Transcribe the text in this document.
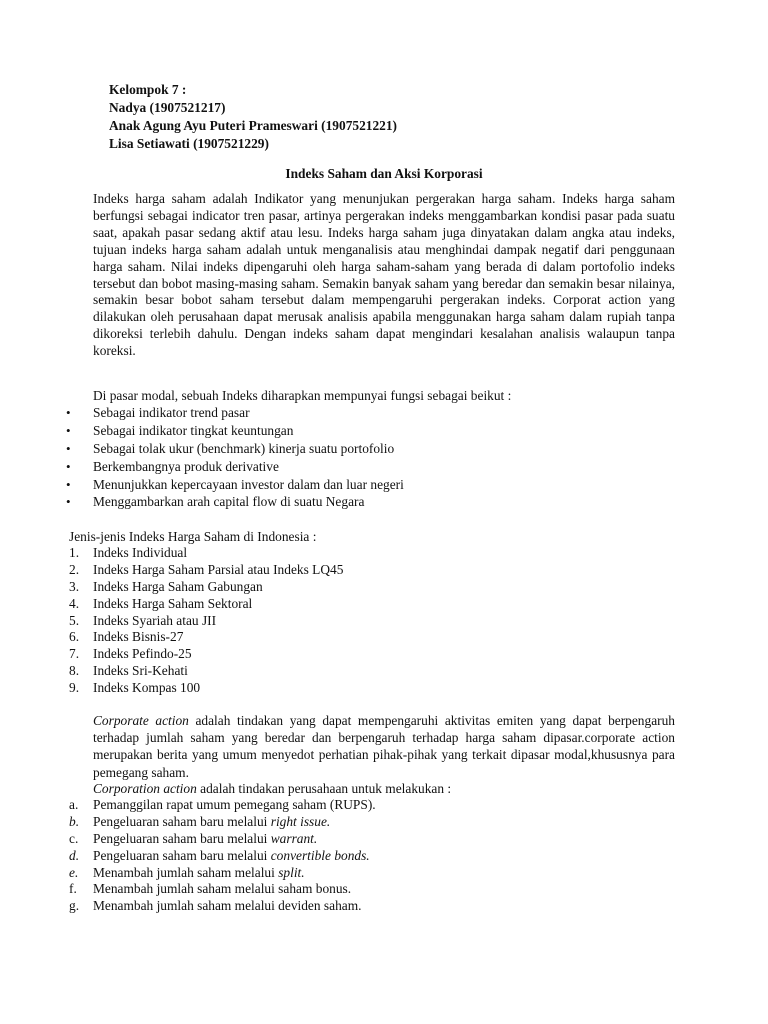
Kelompok 7 :
Nadya (1907521217)
Anak Agung Ayu Puteri Prameswari (1907521221)
Lisa Setiawati (1907521229)
Indeks Saham dan Aksi Korporasi
Indeks harga saham adalah Indikator yang menunjukan pergerakan harga saham. Indeks harga saham berfungsi sebagai indicator tren pasar, artinya pergerakan indeks menggambarkan kondisi pasar pada suatu saat, apakah pasar sedang aktif atau lesu. Indeks harga saham juga dinyatakan dalam angka atau indeks, tujuan indeks harga saham adalah untuk menganalisis atau menghindai dampak negatif dari penggunaan harga saham. Nilai indeks dipengaruhi oleh harga saham-saham yang berada di dalam portofolio indeks tersebut dan bobot masing-masing saham. Semakin banyak saham yang beredar dan semakin besar nilainya, semakin besar bobot saham tersebut dalam mempengaruhi pergerakan indeks. Corporat action yang dilakukan oleh perusahaan dapat merusak analisis apabila menggunakan harga saham dalam rupiah tanpa dikoreksi terlebih dahulu. Dengan indeks saham dapat mengindari kesalahan analisis walaupun tanpa koreksi.
Di pasar modal, sebuah Indeks diharapkan mempunyai fungsi sebagai beikut :
•	Sebagai indikator trend pasar
•	Sebagai indikator tingkat keuntungan
•	Sebagai tolak ukur (benchmark) kinerja suatu portofolio
•	Berkembangnya produk derivative
•	Menunjukkan kepercayaan investor dalam dan luar negeri
•	Menggambarkan arah capital flow di suatu Negara
Jenis-jenis Indeks Harga Saham di Indonesia :
1. Indeks Individual
2. Indeks Harga Saham Parsial atau Indeks LQ45
3. Indeks Harga Saham Gabungan
4. Indeks Harga Saham Sektoral
5. Indeks Syariah atau JII
6. Indeks Bisnis-27
7. Indeks Pefindo-25
8. Indeks Sri-Kehati
9. Indeks Kompas 100
Corporate action adalah tindakan yang dapat mempengaruhi aktivitas emiten yang dapat berpengaruh terhadap jumlah saham yang beredar dan berpengaruh terhadap harga saham dipasar.corporate action merupakan berita yang umum menyedot perhatian pihak-pihak yang terkait dipasar modal,khususnya para pemegang saham.
Corporation action adalah tindakan perusahaan untuk melakukan :
a. Pemanggilan rapat umum pemegang saham (RUPS).
b. Pengeluaran saham baru melalui right issue.
c. Pengeluaran saham baru melalui warrant.
d. Pengeluaran saham baru melalui convertible bonds.
e. Menambah jumlah saham melalui split.
f. Menambah jumlah saham melalui saham bonus.
g. Menambah jumlah saham melalui deviden saham.
